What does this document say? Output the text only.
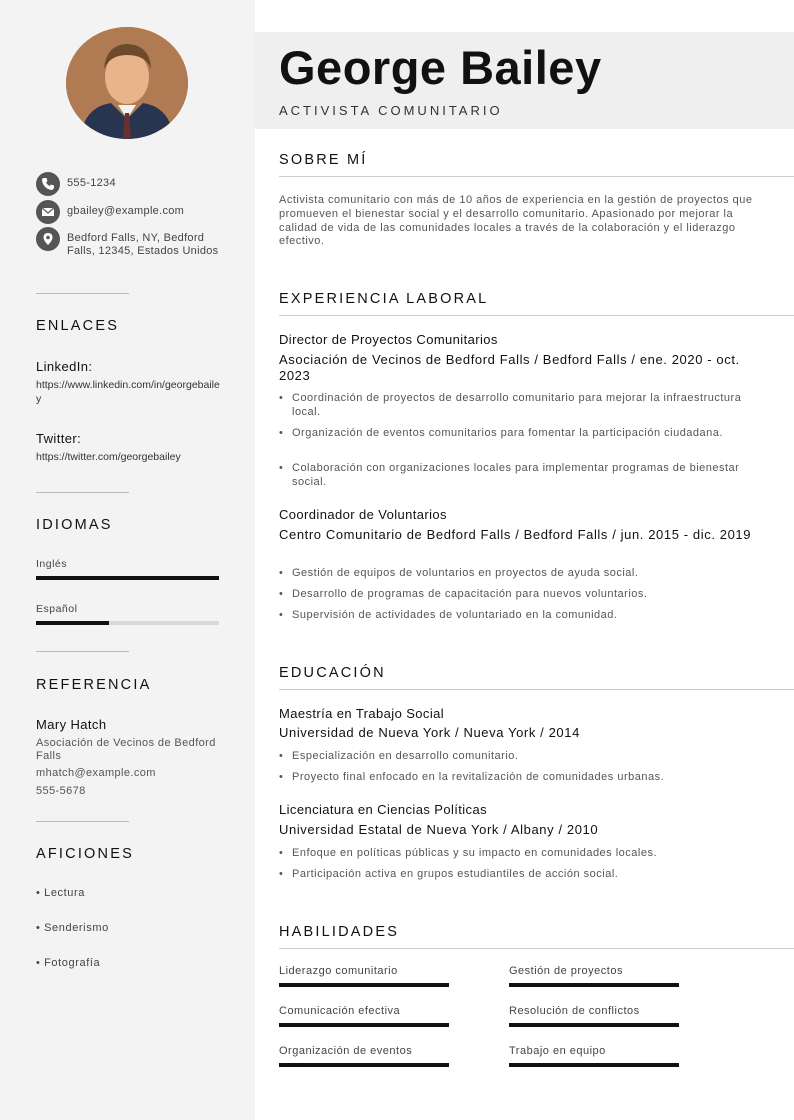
555-1234
gbailey@example.com
Bedford Falls, NY, Bedford Falls, 12345, Estados Unidos
ENLACES
LinkedIn:
https://www.linkedin.com/in/georgebailey
Twitter:
https://twitter.com/georgebailey
IDIOMAS
Inglés
Español
REFERENCIA
Mary Hatch
Asociación de Vecinos de Bedford Falls
mhatch@example.com
555-5678
AFICIONES
• Lectura
• Senderismo
• Fotografía
George Bailey
ACTIVISTA COMUNITARIO
SOBRE MÍ
Activista comunitario con más de 10 años de experiencia en la gestión de proyectos que promueven el bienestar social y el desarrollo comunitario. Apasionado por mejorar la calidad de vida de las comunidades locales a través de la colaboración y el liderazgo efectivo.
EXPERIENCIA LABORAL
Director de Proyectos Comunitarios
Asociación de Vecinos de Bedford Falls / Bedford Falls / ene. 2020 - oct. 2023
• Coordinación de proyectos de desarrollo comunitario para mejorar la infraestructura local.
• Organización de eventos comunitarios para fomentar la participación ciudadana.
• Colaboración con organizaciones locales para implementar programas de bienestar social.
Coordinador de Voluntarios
Centro Comunitario de Bedford Falls / Bedford Falls / jun. 2015 - dic. 2019
• Gestión de equipos de voluntarios en proyectos de ayuda social.
• Desarrollo de programas de capacitación para nuevos voluntarios.
• Supervisión de actividades de voluntariado en la comunidad.
EDUCACIÓN
Maestría en Trabajo Social
Universidad de Nueva York / Nueva York / 2014
• Especialización en desarrollo comunitario.
• Proyecto final enfocado en la revitalización de comunidades urbanas.
Licenciatura en Ciencias Políticas
Universidad Estatal de Nueva York / Albany / 2010
• Enfoque en políticas públicas y su impacto en comunidades locales.
• Participación activa en grupos estudiantiles de acción social.
HABILIDADES
Liderazgo comunitario	Gestión de proyectos
Comunicación efectiva	Resolución de conflictos
Organización de eventos	Trabajo en equipo
